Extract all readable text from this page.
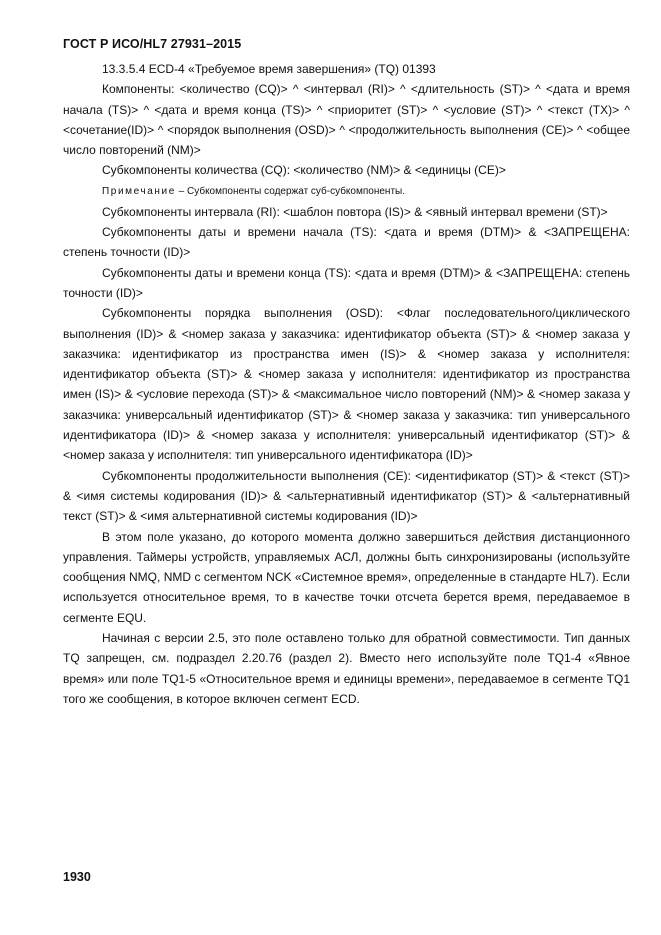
ГОСТ Р ИСО/HL7 27931–2015

13.3.5.4 ECD-4 «Требуемое время завершения» (TQ) 01393

Компоненты: <количество (CQ)> ^ <интервал (RI)> ^ <длительность (ST)> ^ <дата и время начала (TS)> ^ <дата и время конца (TS)> ^ <приоритет (ST)> ^ <условие (ST)> ^ <текст (TX)> ^ <сочетание(ID)> ^ <порядок выполнения (OSD)> ^ <продолжительность выполнения (CE)> ^ <общее число повторений (NM)>

Субкомпоненты количества (CQ): <количество (NM)> & <единицы (CE)>

Примечание – Субкомпоненты содержат суб-субкомпоненты.

Субкомпоненты интервала (RI): <шаблон повтора (IS)> & <явный интервал времени (ST)>

Субкомпоненты даты и времени начала (TS): <дата и время (DTM)> & <ЗАПРЕЩЕНА: степень точности (ID)>

Субкомпоненты даты и времени конца (TS): <дата и время (DTM)> & <ЗАПРЕЩЕНА: степень точности (ID)>

Субкомпоненты порядка выполнения (OSD): <Флаг последовательного/циклического выполнения (ID)> & <номер заказа у заказчика: идентификатор объекта (ST)> & <номер заказа у заказчика: идентификатор из пространства имен (IS)> & <номер заказа у исполнителя: идентификатор объекта (ST)> & <номер заказа у исполнителя: идентификатор из пространства имен (IS)> & <условие перехода (ST)> & <максимальное число повторений (NM)> & <номер заказа у заказчика: универсальный идентификатор (ST)> & <номер заказа у заказчика: тип универсального идентификатора (ID)> & <номер заказа у исполнителя: универсальный идентификатор (ST)> & <номер заказа у исполнителя: тип универсального идентификатора (ID)>

Субкомпоненты продолжительности выполнения (CE): <идентификатор (ST)> & <текст (ST)> & <имя системы кодирования (ID)> & <альтернативный идентификатор (ST)> & <альтернативный текст (ST)> & <имя альтернативной системы кодирования (ID)>

В этом поле указано, до которого момента должно завершиться действия дистанционного управления. Таймеры устройств, управляемых АСЛ, должны быть синхронизированы (используйте сообщения NMQ, NMD с сегментом NCK «Системное время», определенные в стандарте HL7). Если используется относительное время, то в качестве точки отсчета берется время, передаваемое в сегменте EQU.

Начиная с версии 2.5, это поле оставлено только для обратной совместимости. Тип данных TQ запрещен, см. подраздел 2.20.76 (раздел 2). Вместо него используйте поле TQ1-4 «Явное время» или поле TQ1-5 «Относительное время и единицы времени», передаваемое в сегменте TQ1 того же сообщения, в которое включен сегмент ECD.

1930
